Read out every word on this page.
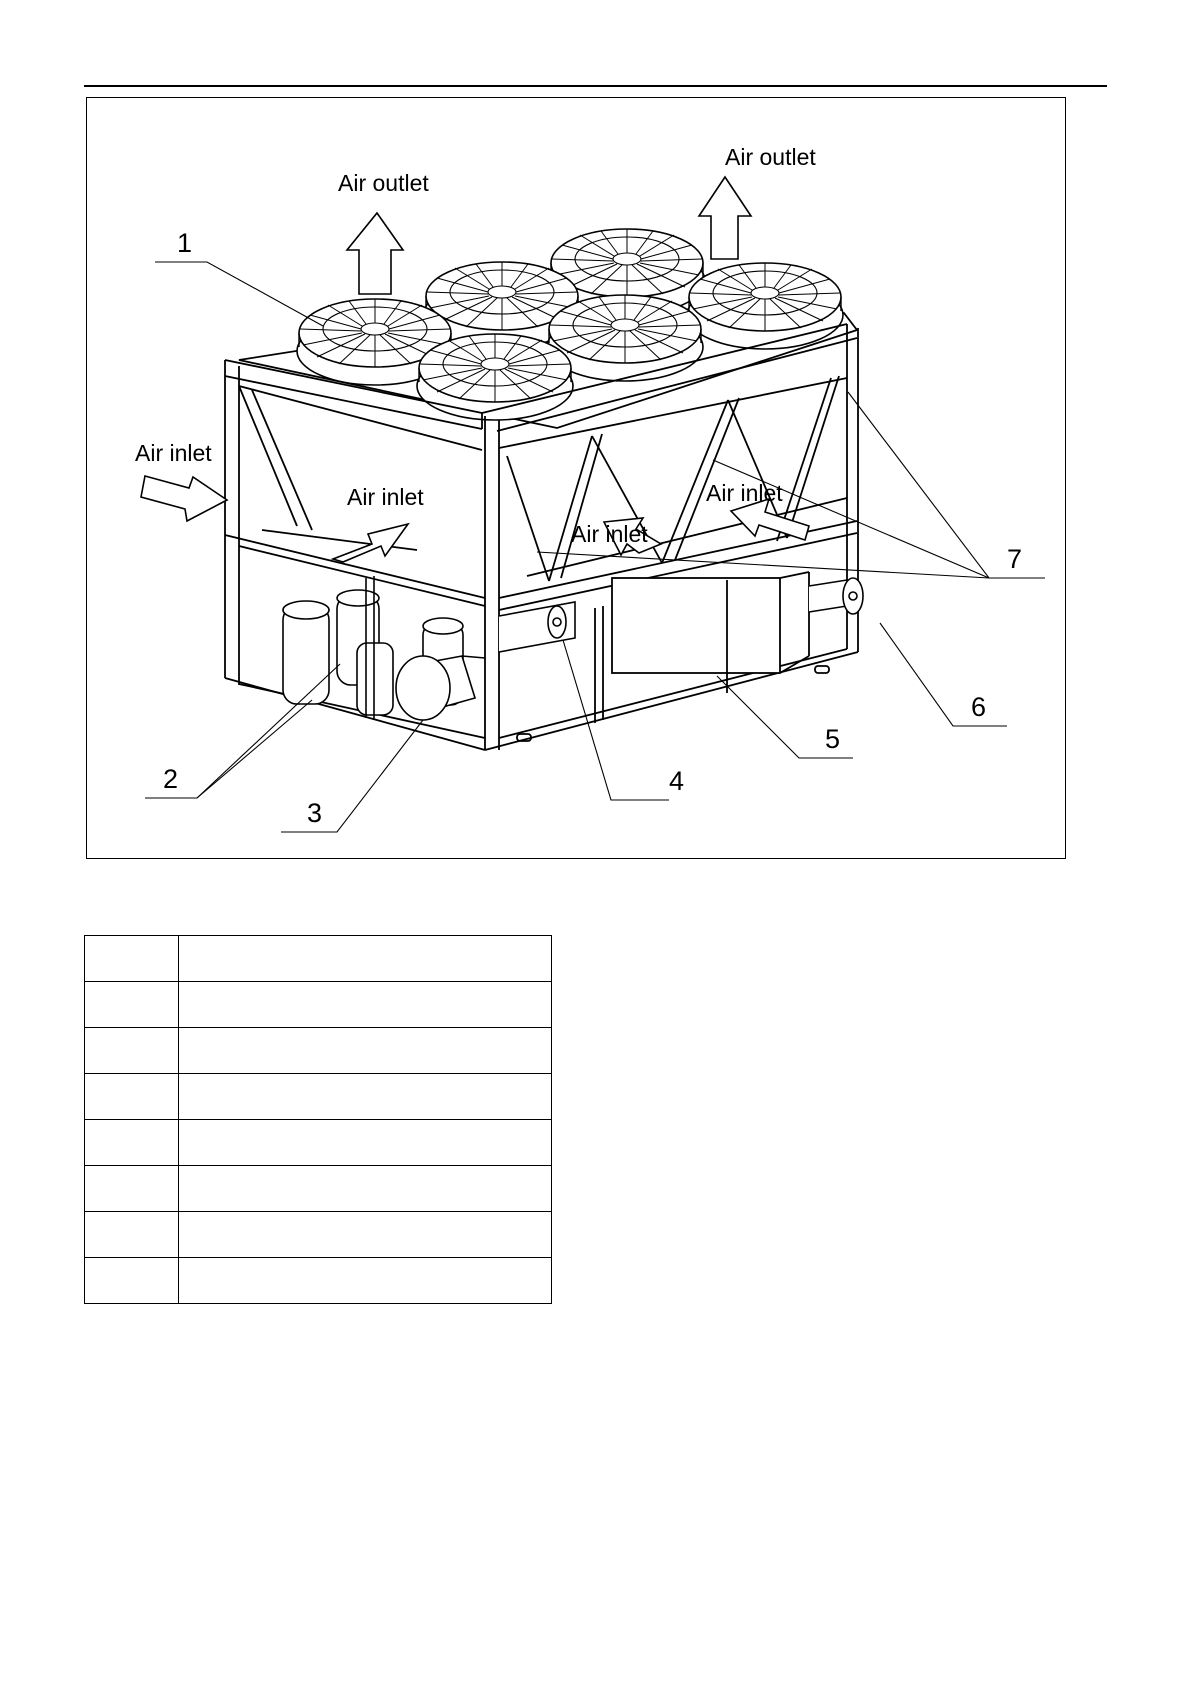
1
2
3
4
5
6
7
Air outlet
Air outlet
Air inlet
Air inlet
Air inlet
Air inlet
